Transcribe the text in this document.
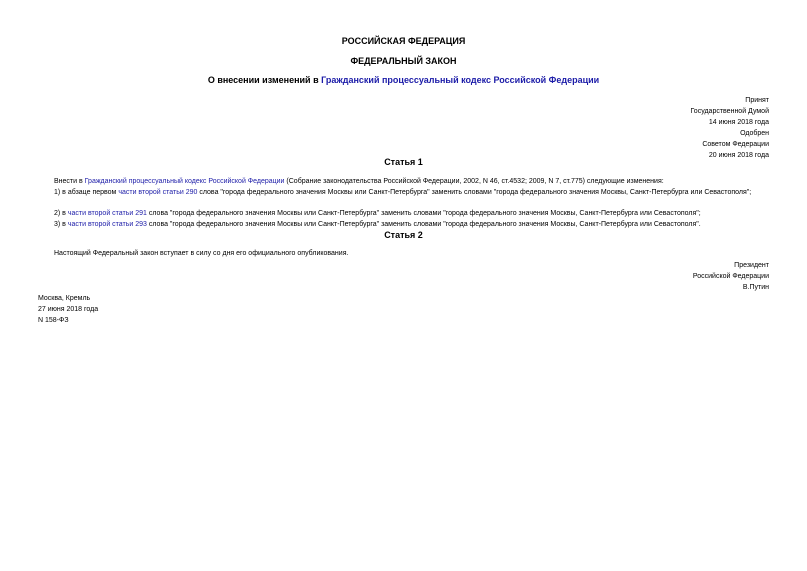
РОССИЙСКАЯ ФЕДЕРАЦИЯ
ФЕДЕРАЛЬНЫЙ ЗАКОН
О внесении изменений в Гражданский процессуальный кодекс Российской Федерации
Принят
Государственной Думой
14 июня 2018 года
Одобрен
Советом Федерации
20 июня 2018 года
Статья 1
Внести в Гражданский процессуальный кодекс Российской Федерации (Собрание законодательства Российской Федерации, 2002, N 46, ст.4532; 2009, N 7, ст.775) следующие изменения:
1) в абзаце первом части второй статьи 290 слова "города федерального значения Москвы или Санкт-Петербурга" заменить словами "города федерального значения Москвы, Санкт-Петербурга или Севастополя";
2) в части второй статьи 291 слова "города федерального значения Москвы или Санкт-Петербурга" заменить словами "города федерального значения Москвы, Санкт-Петербурга или Севастополя";
3) в части второй статьи 293 слова "города федерального значения Москвы или Санкт-Петербурга" заменить словами "города федерального значения Москвы, Санкт-Петербурга или Севастополя".
Статья 2
Настоящий Федеральный закон вступает в силу со дня его официального опубликования.
Президент
Российской Федерации
В.Путин
Москва, Кремль
27 июня 2018 года
N 158-ФЗ
